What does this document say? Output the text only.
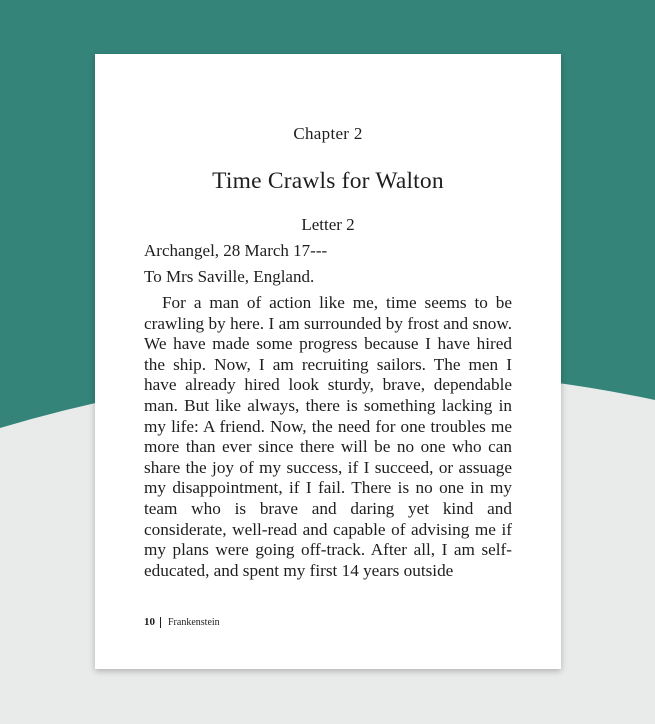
Chapter 2
Time Crawls for Walton
Letter 2
Archangel, 28 March 17---
To Mrs Saville, England.

For a man of action like me, time seems to be crawling by here. I am surrounded by frost and snow. We have made some progress because I have hired the ship. Now, I am recruiting sailors. The men I have already hired look sturdy, brave, dependable man. But like always, there is something lacking in my life: A friend. Now, the need for one troubles me more than ever since there will be no one who can share the joy of my success, if I succeed, or assuage my disappointment, if I fail. There is no one in my team who is brave and daring yet kind and considerate, well-read and capable of advising me if my plans were going off-track. After all, I am self-educated, and spent my first 14 years outside

10 Frankenstein
